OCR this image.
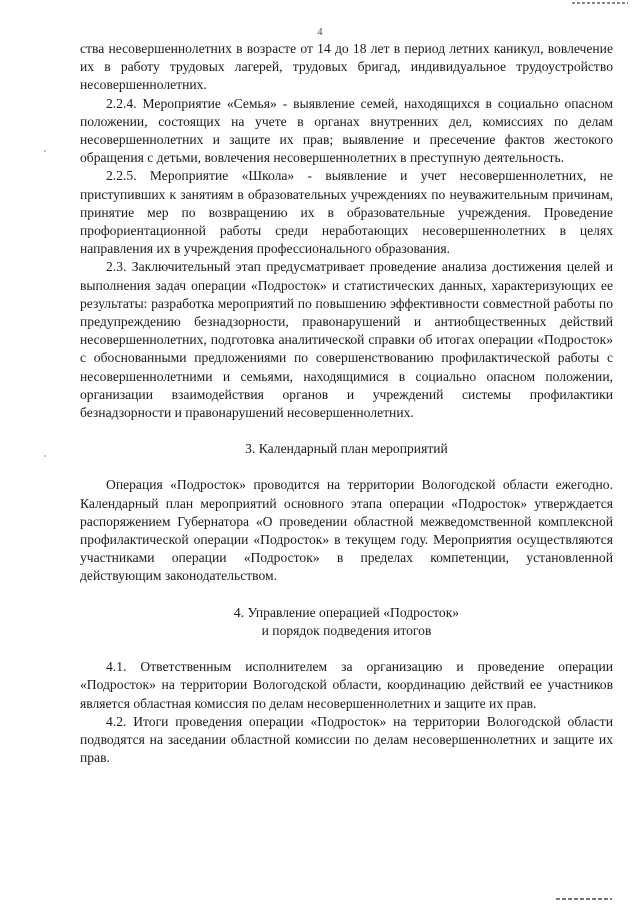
4

ства несовершеннолетних в возрасте от 14 до 18 лет в период летних каникул, вовлечение их в работу трудовых лагерей, трудовых бригад, индивидуальное трудоустройство несовершеннолетних.

2.2.4. Мероприятие «Семья» - выявление семей, находящихся в социально опасном положении, состоящих на учете в органах внутренних дел, комиссиях по делам несовершеннолетних и защите их прав; выявление и пресечение фактов жестокого обращения с детьми, вовлечения несовершеннолетних в преступную деятельность.

2.2.5. Мероприятие «Школа» - выявление и учет несовершеннолетних, не приступивших к занятиям в образовательных учреждениях по неуважительным причинам, принятие мер по возвращению их в образовательные учреждения. Проведение профориентационной работы среди неработающих несовершеннолетних в целях направления их в учреждения профессионального образования.

2.3. Заключительный этап предусматривает проведение анализа достижения целей и выполнения задач операции «Подросток» и статистических данных, характеризующих ее результаты: разработка мероприятий по повышению эффективности совместной работы по предупреждению безнадзорности, правонарушений и антиобщественных действий несовершеннолетних, подготовка аналитической справки об итогах операции «Подросток» с обоснованными предложениями по совершенствованию профилактической работы с несовершеннолетними и семьями, находящимися в социально опасном положении, организации взаимодействия органов и учреждений системы профилактики безнадзорности и правонарушений несовершеннолетних.

3. Календарный план мероприятий

Операция «Подросток» проводится на территории Вологодской области ежегодно. Календарный план мероприятий основного этапа операции «Подросток» утверждается распоряжением Губернатора «О проведении областной межведомственной комплексной профилактической операции «Подросток» в текущем году. Мероприятия осуществляются участниками операции «Подросток» в пределах компетенции, установленной действующим законодательством.

4. Управление операцией «Подросток»
и порядок подведения итогов

4.1. Ответственным исполнителем за организацию и проведение операции «Подросток» на территории Вологодской области, координацию действий ее участников является областная комиссия по делам несовершеннолетних и защите их прав.

4.2. Итоги проведения операции «Подросток» на территории Вологодской области подводятся на заседании областной комиссии по делам несовершеннолетних и защите их прав.
